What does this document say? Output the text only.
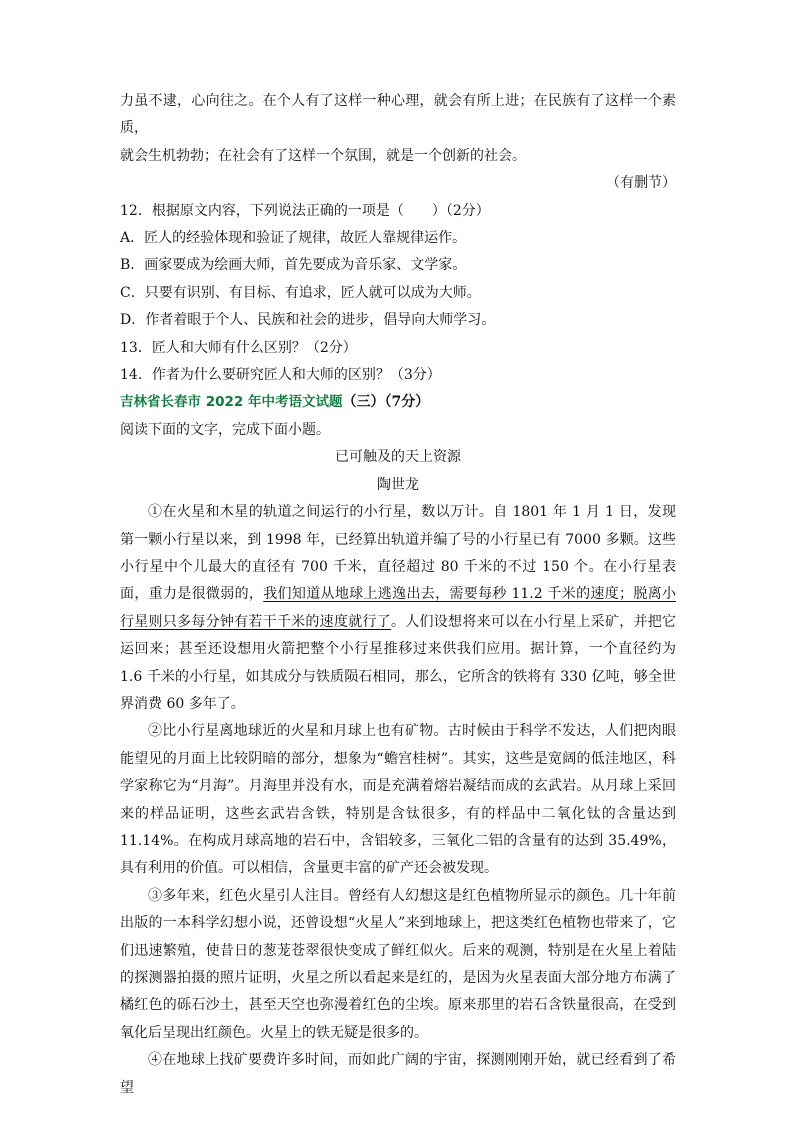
力虽不逮，心向往之。在个人有了这样一种心理，就会有所上进；在民族有了这样一个素质，

就会生机勃勃；在社会有了这样一个氛围，就是一个创新的社会。

（有删节）

12．根据原文内容，下列说法正确的一项是（　　）（2分）

A．匠人的经验体现和验证了规律，故匠人靠规律运作。

B．画家要成为绘画大师，首先要成为音乐家、文学家。

C．只要有识别、有目标、有追求，匠人就可以成为大师。

D．作者着眼于个人、民族和社会的进步，倡导向大师学习。

13．匠人和大师有什么区别？（2分）

14．作者为什么要研究匠人和大师的区别？（3分）

吉林省长春市 2022 年中考语文试题（三）（7分）

阅读下面的文字，完成下面小题。

已可触及的天上资源

陶世龙

①在火星和木星的轨道之间运行的小行星，数以万计。自 1801 年 1 月 1 日，发现第一颗小行星以来，到 1998 年，已经算出轨道并编了号的小行星已有 7000 多颗。这些小行星中个儿最大的直径有 700 千米，直径超过 80 千米的不过 150 个。在小行星表面，重力是很微弱的，我们知道从地球上逃逸出去，需要每秒 11.2 千米的速度；脱离小行星则只多每分钟有若干千米的速度就行了。人们设想将来可以在小行星上采矿，并把它运回来；甚至还设想用火箭把整个小行星推移过来供我们应用。据计算，一个直径约为 1.6 千米的小行星，如其成分与铁质陨石相同，那么，它所含的铁将有 330 亿吨，够全世界消费 60 多年了。

②比小行星离地球近的火星和月球上也有矿物。古时候由于科学不发达，人们把肉眼能望见的月面上比较阴暗的部分，想象为“蟾宫桂树”。其实，这些是宽阔的低洼地区，科学家称它为“月海”。月海里并没有水，而是充满着熔岩凝结而成的玄武岩。从月球上采回来的样品证明，这些玄武岩含铁，特别是含钛很多，有的样品中二氧化钛的含量达到 11.14%。在构成月球高地的岩石中，含铝较多，三氧化二铝的含量有的达到 35.49%，具有利用的价值。可以相信，含量更丰富的矿产还会被发现。

③多年来，红色火星引人注目。曾经有人幻想这是红色植物所显示的颜色。几十年前出版的一本科学幻想小说，还曾设想“火星人”来到地球上，把这类红色植物也带来了，它们迅速繁殖，使昔日的葱茏苍翠很快变成了鲜红似火。后来的观测，特别是在火星上着陆的探测器拍摄的照片证明，火星之所以看起来是红的，是因为火星表面大部分地方布满了橘红色的砾石沙土，甚至天空也弥漫着红色的尘埃。原来那里的岩石含铁量很高，在受到氧化后呈现出红颜色。火星上的铁无疑是很多的。

④在地球上找矿要费许多时间，而如此广阔的宇宙，探测刚刚开始，就已经看到了希望
